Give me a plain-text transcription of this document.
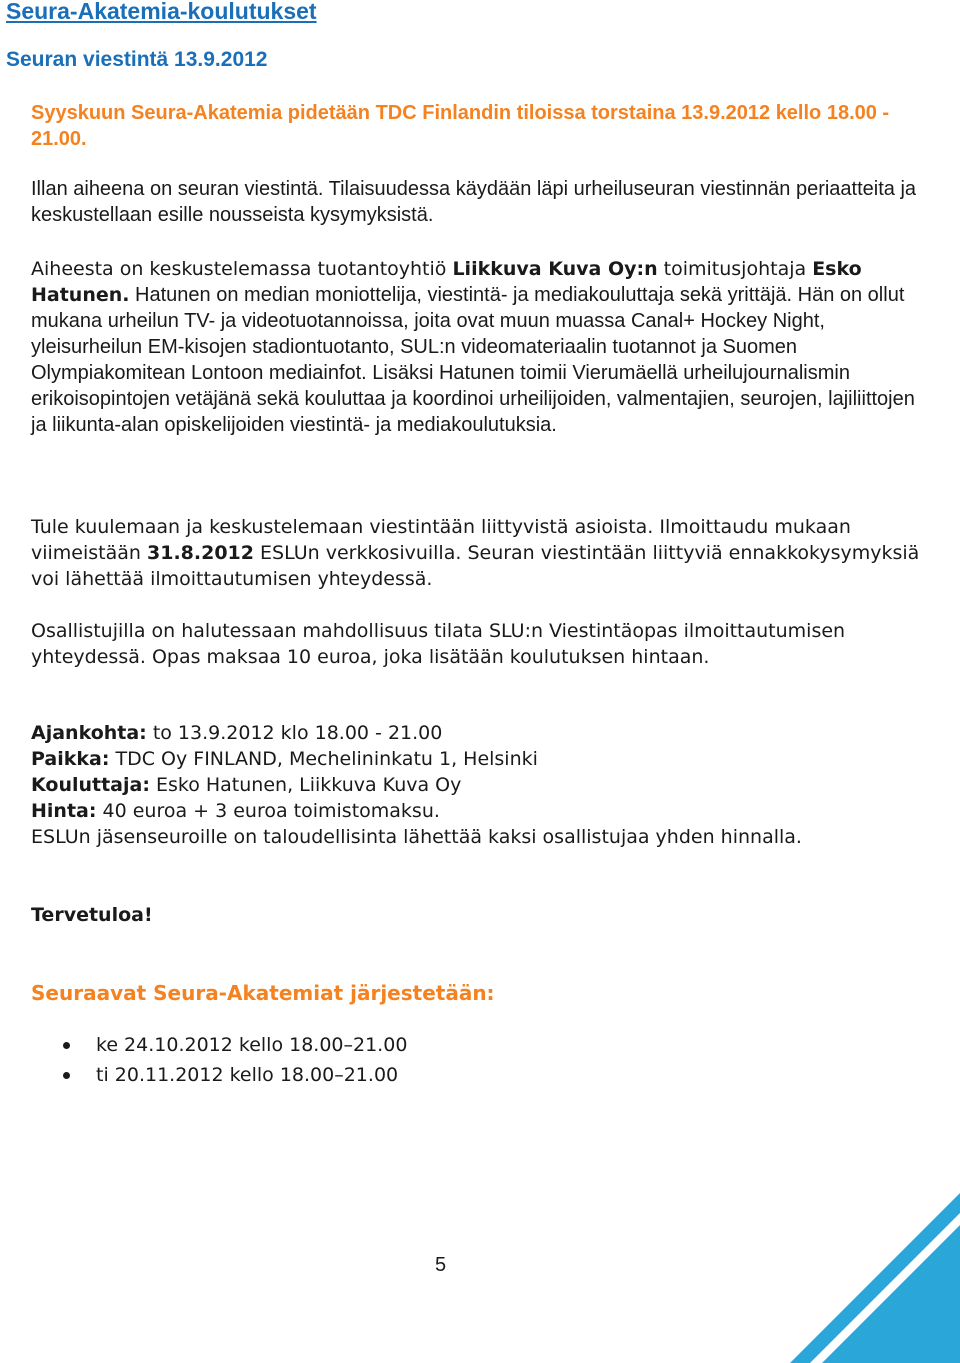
Seura-Akatemia-koulutukset

Seuran viestintä 13.9.2012

Syyskuun Seura-Akatemia pidetään TDC Finlandin tiloissa torstaina 13.9.2012 kello 18.00 - 21.00.

Illan aiheena on seuran viestintä. Tilaisuudessa käydään läpi urheiluseuran viestinnän periaatteita ja keskustellaan esille nousseista kysymyksistä.

Aiheesta on keskustelemassa tuotantoyhtiö Liikkuva Kuva Oy:n toimitusjohtaja Esko Hatunen. Hatunen on median moniottelija, viestintä- ja mediakouluttaja sekä yrittäjä. Hän on ollut mukana urheilun TV- ja videotuotannoissa, joita ovat muun muassa Canal+ Hockey Night, yleisurheilun EM-kisojen stadiontuotanto, SUL:n videomateriaalin tuotannot ja Suomen Olympiakomitean Lontoon mediainfot. Lisäksi Hatunen toimii Vierumäellä urheilujournalismin erikoisopintojen vetäjänä sekä kouluttaa ja koordinoi urheilijoiden, valmentajien, seurojen, lajiliittojen ja liikunta-alan opiskelijoiden viestintä- ja mediakoulutuksia.

Tule kuulemaan ja keskustelemaan viestintään liittyvistä asioista. Ilmoittaudu mukaan viimeistään 31.8.2012 ESLUn verkkosivuilla. Seuran viestintään liittyviä ennakkokysymyksiä voi lähettää ilmoittautumisen yhteydessä.

Osallistujilla on halutessaan mahdollisuus tilata SLU:n Viestintäopas ilmoittautumisen yhteydessä. Opas maksaa 10 euroa, joka lisätään koulutuksen hintaan.

Ajankohta: to 13.9.2012 klo 18.00 - 21.00
Paikka: TDC Oy FINLAND, Mechelininkatu 1, Helsinki
Kouluttaja: Esko Hatunen, Liikkuva Kuva Oy
Hinta: 40 euroa + 3 euroa toimistomaksu.
ESLUn jäsenseuroille on taloudellisinta lähettää kaksi osallistujaa yhden hinnalla.

Tervetuloa!

Seuraavat Seura-Akatemiat järjestetään:

ke 24.10.2012 kello 18.00–21.00
ti 20.11.2012 kello 18.00–21.00

5
